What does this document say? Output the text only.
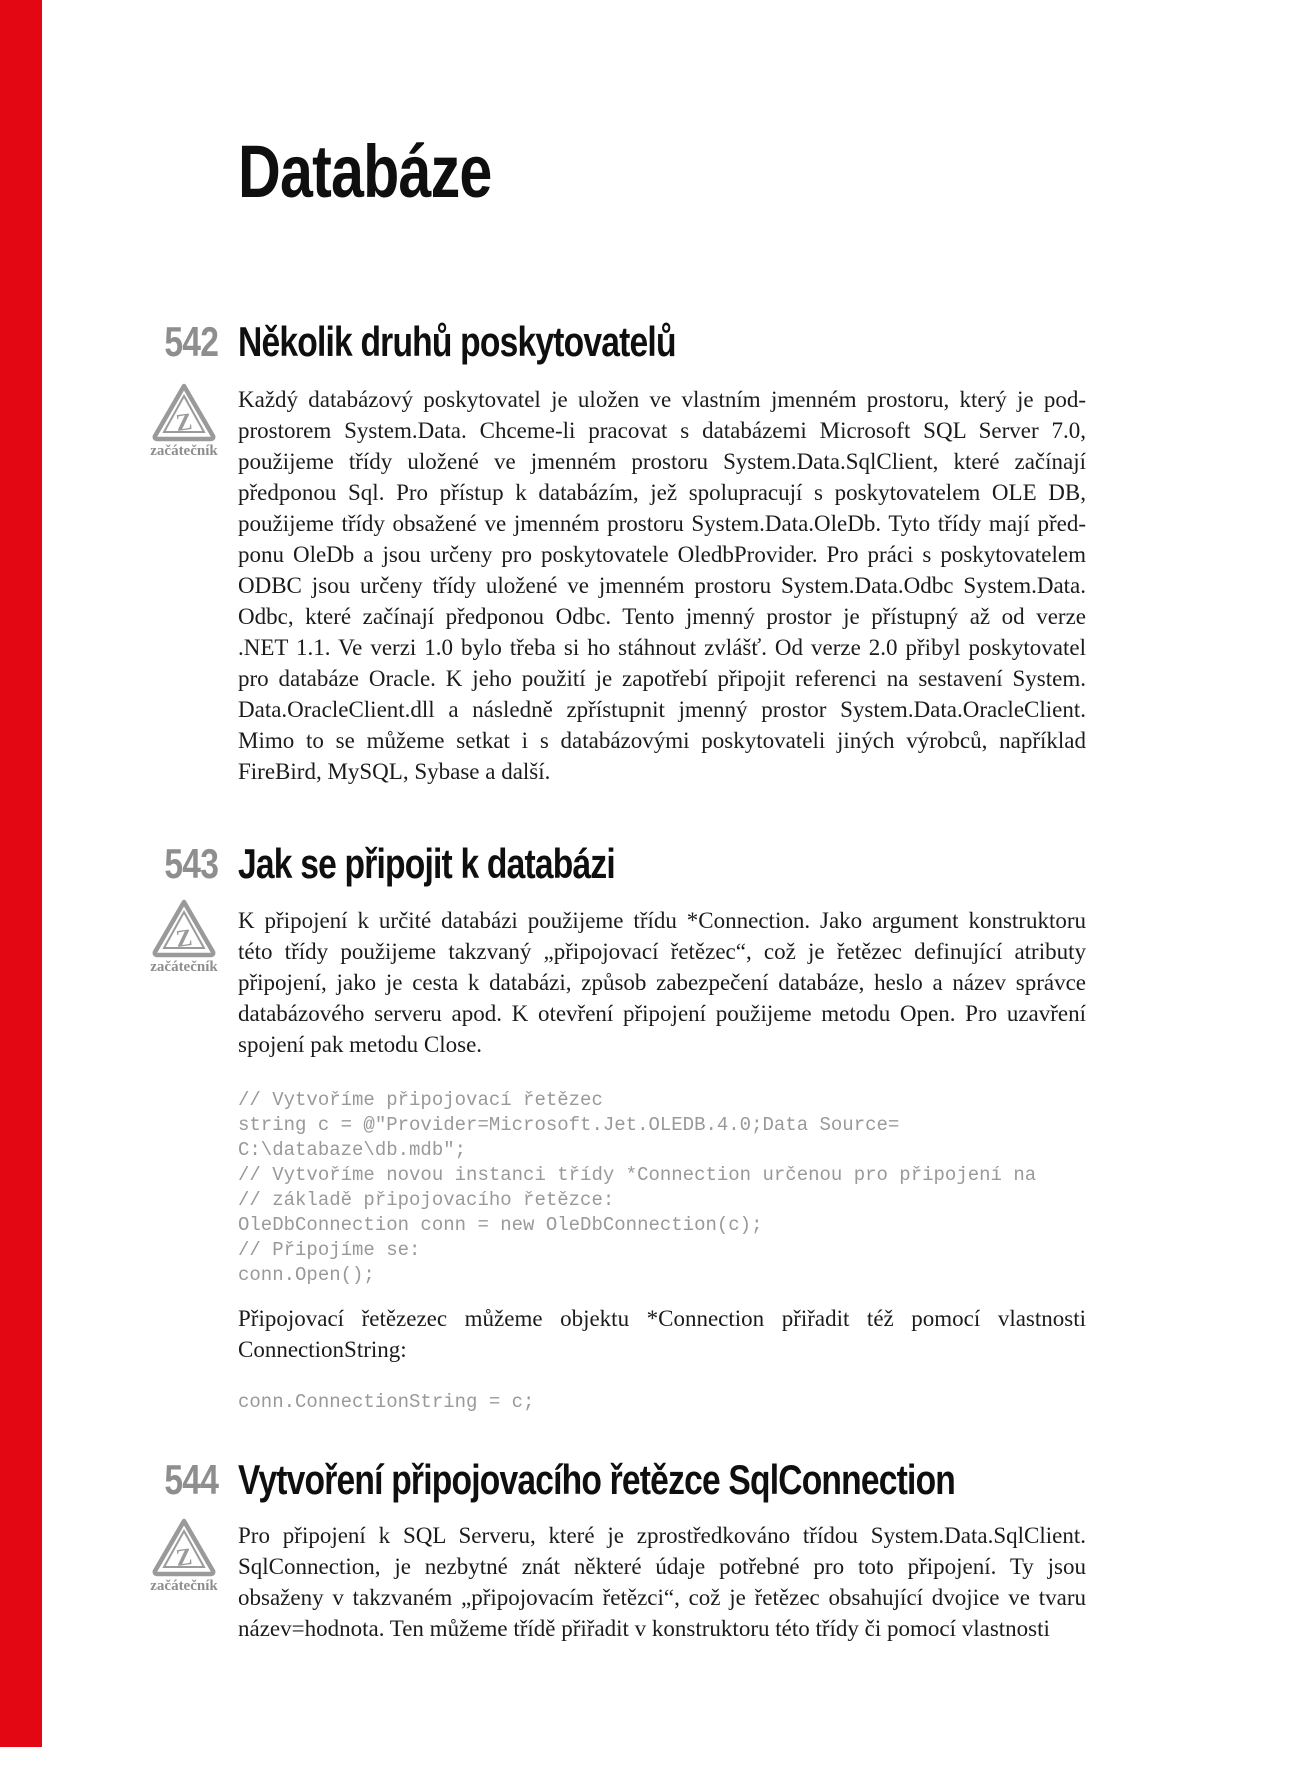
Databáze
542 Několik druhů poskytovatelů
Z
začátečník
Každý databázový poskytovatel je uložen ve vlastním jmenném prostoru, který je pod-
prostorem System.Data. Chceme-li pracovat s databázemi Microsoft SQL Server 7.0,
použijeme třídy uložené ve jmenném prostoru System.Data.SqlClient, které začínají
předponou Sql. Pro přístup k databázím, jež spolupracují s poskytovatelem OLE DB,
použijeme třídy obsažené ve jmenném prostoru System.Data.OleDb. Tyto třídy mají před-
ponu OleDb a jsou určeny pro poskytovatele OledbProvider. Pro práci s poskytovatelem
ODBC jsou určeny třídy uložené ve jmenném prostoru System.Data.Odbc System.Data.
Odbc, které začínají předponou Odbc. Tento jmenný prostor je přístupný až od verze
.NET 1.1. Ve verzi 1.0 bylo třeba si ho stáhnout zvlášť. Od verze 2.0 přibyl poskytovatel
pro databáze Oracle. K jeho použití je zapotřebí připojit referenci na sestavení System.
Data.OracleClient.dll a následně zpřístupnit jmenný prostor System.Data.OracleClient.
Mimo to se můžeme setkat i s databázovými poskytovateli jiných výrobců, například
FireBird, MySQL, Sybase a další.
543 Jak se připojit k databázi
Z
začátečník
K připojení k určité databázi použijeme třídu *Connection. Jako argument konstruktoru
této třídy použijeme takzvaný „připojovací řetězec“, což je řetězec definující atributy
připojení, jako je cesta k databázi, způsob zabezpečení databáze, heslo a název správce
databázového serveru apod. K otevření připojení použijeme metodu Open. Pro uzavření
spojení pak metodu Close.
// Vytvoříme připojovací řetězec
string c = @"Provider=Microsoft.Jet.OLEDB.4.0;Data Source=
C:\databaze\db.mdb";
// Vytvoříme novou instanci třídy *Connection určenou pro připojení na
// základě připojovacího řetězce:
OleDbConnection conn = new OleDbConnection(c);
// Připojíme se:
conn.Open();
Připojovací řetězezec můžeme objektu *Connection přiřadit též pomocí vlastnosti
ConnectionString:
conn.ConnectionString = c;
544 Vytvoření připojovacího řetězce SqlConnection
Z
začátečník
Pro připojení k SQL Serveru, které je zprostředkováno třídou System.Data.SqlClient.
SqlConnection, je nezbytné znát některé údaje potřebné pro toto připojení. Ty jsou
obsaženy v takzvaném „připojovacím řetězci“, což je řetězec obsahující dvojice ve tvaru
název=hodnota. Ten můžeme třídě přiřadit v konstruktoru této třídy či pomocí vlastnosti
